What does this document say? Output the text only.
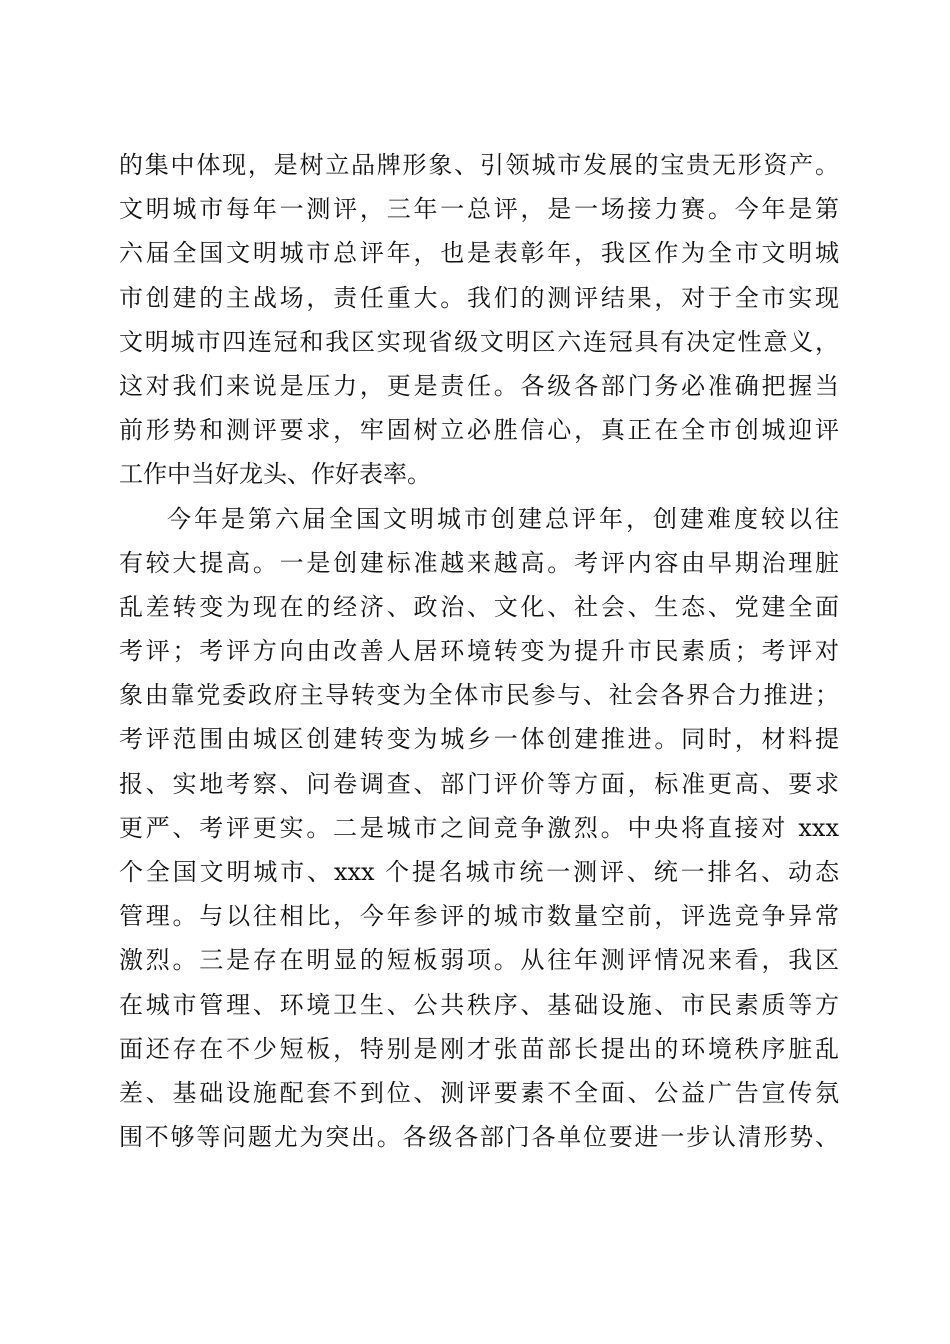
的集中体现，是树立品牌形象、引领城市发展的宝贵无形资产。
文明城市每年一测评，三年一总评，是一场接力赛。今年是第
六届全国文明城市总评年，也是表彰年，我区作为全市文明城
市创建的主战场，责任重大。我们的测评结果，对于全市实现
文明城市四连冠和我区实现省级文明区六连冠具有决定性意义，
这对我们来说是压力，更是责任。各级各部门务必准确把握当
前形势和测评要求，牢固树立必胜信心，真正在全市创城迎评
工作中当好龙头、作好表率。
今年是第六届全国文明城市创建总评年，创建难度较以往
有较大提高。一是创建标准越来越高。考评内容由早期治理脏
乱差转变为现在的经济、政治、文化、社会、生态、党建全面
考评；考评方向由改善人居环境转变为提升市民素质；考评对
象由靠党委政府主导转变为全体市民参与、社会各界合力推进；
考评范围由城区创建转变为城乡一体创建推进。同时，材料提
报、实地考察、问卷调查、部门评价等方面，标准更高、要求
更严、考评更实。二是城市之间竞争激烈。中央将直接对 xxx
个全国文明城市、xxx 个提名城市统一测评、统一排名、动态
管理。与以往相比，今年参评的城市数量空前，评选竞争异常
激烈。三是存在明显的短板弱项。从往年测评情况来看，我区
在城市管理、环境卫生、公共秩序、基础设施、市民素质等方
面还存在不少短板，特别是刚才张苗部长提出的环境秩序脏乱
差、基础设施配套不到位、测评要素不全面、公益广告宣传氛
围不够等问题尤为突出。各级各部门各单位要进一步认清形势、
